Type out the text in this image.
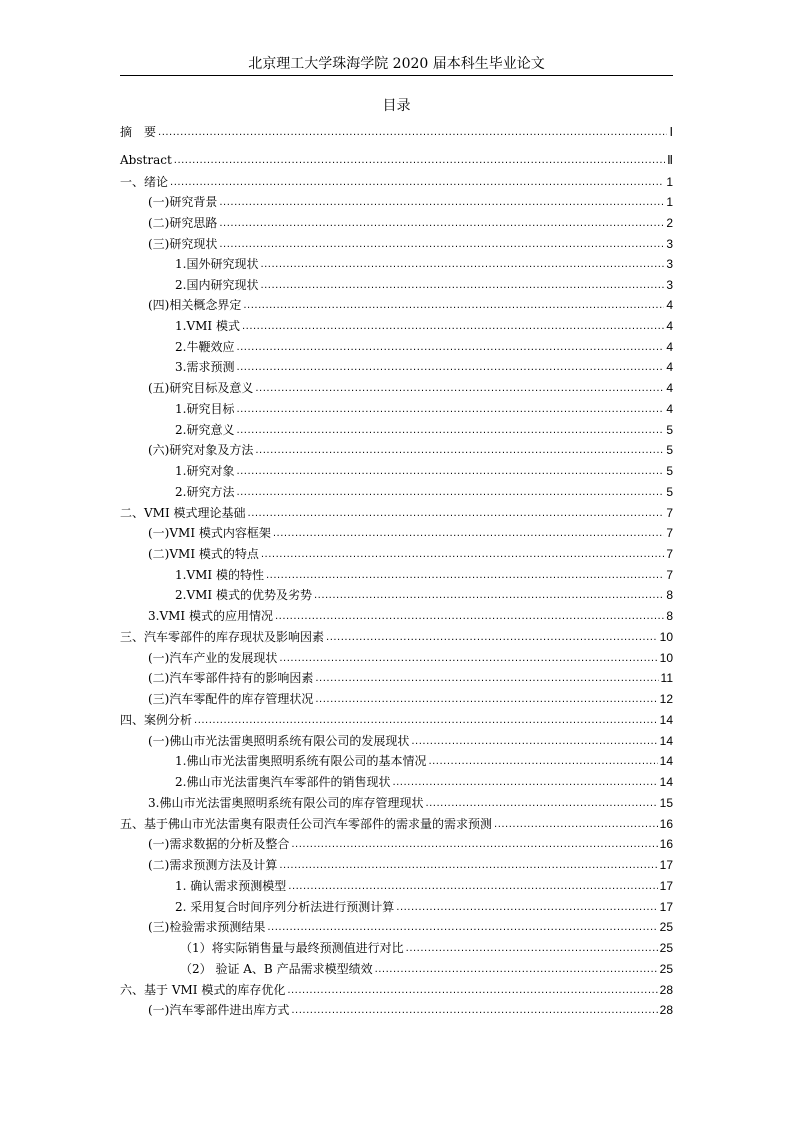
北京理工大学珠海学院 2020 届本科生毕业论文
目录
摘　要 .....	Ⅰ
Abstract .....	Ⅱ
一、绪论 .....	1
(一)研究背景 .....	1
(二)研究思路 .....	2
(三)研究现状 .....	3
1.国外研究现状 .....	3
2.国内研究现状 .....	3
(四)相关概念界定 .....	4
1.VMI 模式 .....	4
2.牛鞭效应 .....	4
3.需求预测 .....	4
(五)研究目标及意义 .....	4
1.研究目标 .....	4
2.研究意义 .....	5
(六)研究对象及方法 .....	5
1.研究对象 .....	5
2.研究方法 .....	5
二、VMI 模式理论基础 .....	7
(一)VMI 模式内容框架 .....	7
(二)VMI 模式的特点 .....	7
1.VMI 模的特性 .....	7
2.VMI 模式的优势及劣势 .....	8
3.VMI 模式的应用情况 .....	8
三、汽车零部件的库存现状及影响因素 .....	10
(一)汽车产业的发展现状 .....	10
(二)汽车零部件持有的影响因素 .....	11
(三)汽车零配件的库存管理状况 .....	12
四、案例分析 .....	14
(一)佛山市光法雷奥照明系统有限公司的发展现状 .....	14
1.佛山市光法雷奥照明系统有限公司的基本情况 .....	14
2.佛山市光法雷奥汽车零部件的销售现状 .....	14
3.佛山市光法雷奥照明系统有限公司的库存管理现状 .....	15
五、基于佛山市光法雷奥有限责任公司汽车零部件的需求量的需求预测 .....	16
(一)需求数据的分析及整合 .....	16
(二)需求预测方法及计算 .....	17
1. 确认需求预测模型 .....	17
2. 采用复合时间序列分析法进行预测计算 .....	17
(三)检验需求预测结果 .....	25
（1）将实际销售量与最终预测值进行对比 .....	25
（2） 验证 A、B 产品需求模型绩效 .....	25
六、基于 VMI 模式的库存优化 .....	28
(一)汽车零部件进出库方式 .....	28
